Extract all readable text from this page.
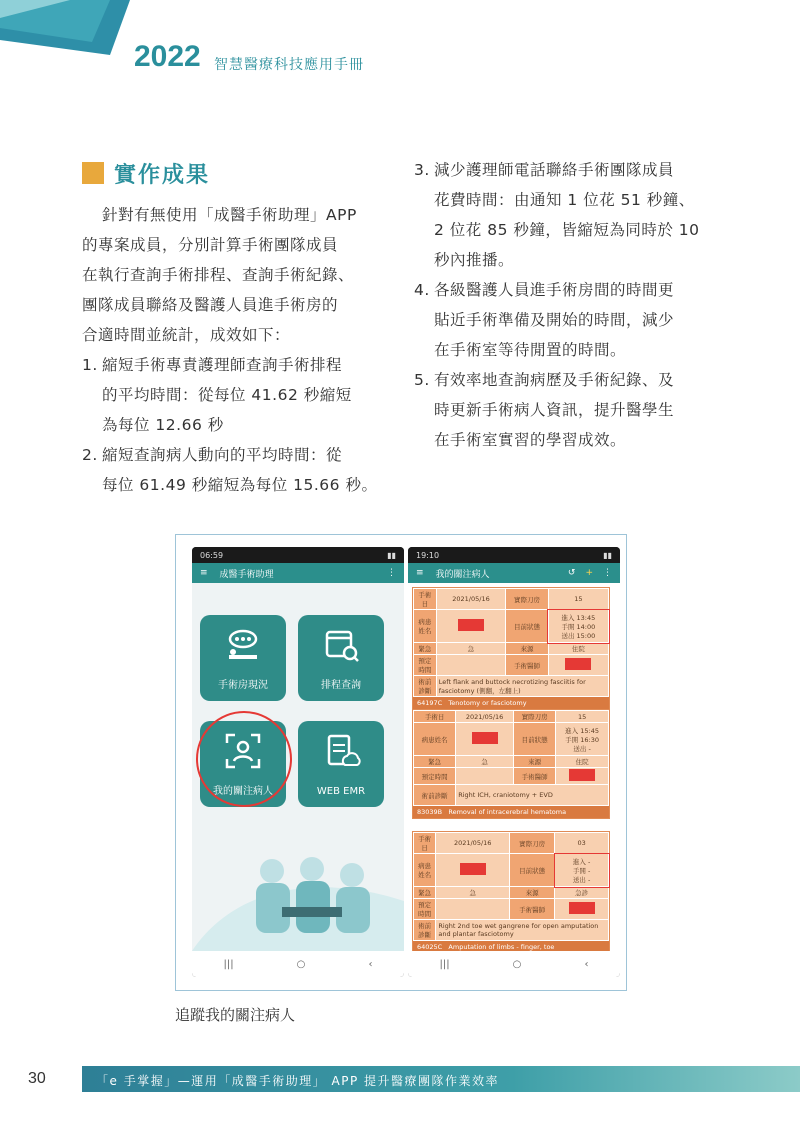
2022 智慧醫療科技應用手冊
實作成果
針對有無使用「成醫手術助理」APP
的專案成員，分別計算手術團隊成員
在執行查詢手術排程、查詢手術紀錄、
團隊成員聯絡及醫護人員進手術房的
合適時間並統計，成效如下：
1. 縮短手術專責護理師查詢手術排程
的平均時間：從每位 41.62 秒縮短
為每位 12.66 秒
2. 縮短查詢病人動向的平均時間：從
每位 61.49 秒縮短為每位 15.66 秒。
3. 減少護理師電話聯絡手術團隊成員
花費時間：由通知 1 位花 51 秒鐘、
2 位花 85 秒鐘，皆縮短為同時於 10
秒內推播。
4. 各級醫護人員進手術房間的時間更
貼近手術準備及開始的時間，減少
在手術室等待閒置的時間。
5. 有效率地查詢病歷及手術紀錄、及
時更新手術病人資訊，提升醫學生
在手術室實習的學習成效。
06:59	▮▮
≡ 成醫手術助理	⋮
手術房現況	排程查詢
我的關注病人	WEB EMR
|||	○	‹
19:10	▮▮
≡ 我的關注病人	↺ + ⋮
手術日	2021/05/16	實際刀房	15
病患姓名		目前狀態	進入 13:45
手開 14:00
送出 15:00

緊急	急	來源	住院
預定時間		手術醫師	
術前診斷	Left flank and buttock necrotizing fasciitis for fasciotomy (側翻，左翻上)		
64197C Tenotomy or fasciotomy
手術日	2021/05/16	實際刀房	15
病患姓名		目前狀態	進入 15:45
手開 16:30
送出 -

緊急	急	來源	住院
預定時間		手術醫師	
術前診斷	Right ICH, craniotomy + EVD		
83039B Removal of intracerebral hematoma
手術日	2021/05/16	實際刀房	03
病患姓名		目前狀態	進入 -
手開 -
送出 -

緊急	急	來源	急診
預定時間		手術醫師	
術前診斷	Right 2nd toe wet gangrene for open amputation and plantar fasciotomy		
64025C Amputation of limbs - finger, toe
|||	○	‹
追蹤我的關注病人
30	「e 手掌握」—運用「成醫手術助理」 APP 提升醫療團隊作業效率
